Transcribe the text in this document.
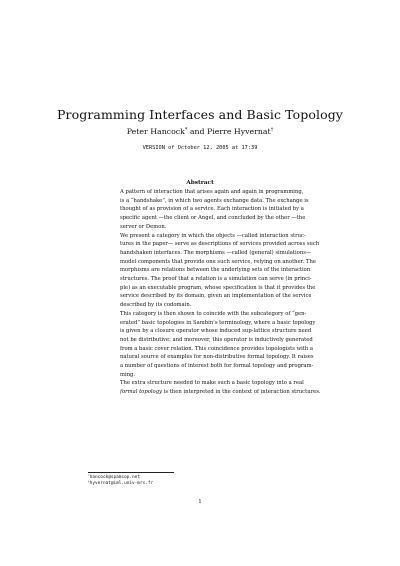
Programming Interfaces and Basic Topology
Peter Hancock* and Pierre Hyvernat†
VERSION of October 12, 2005 at 17:39
Abstract

A pattern of interaction that arises again and again in programming,
is a “handshake”, in which two agents exchange data. The exchange is
thought of as provision of a service. Each interaction is initiated by a
specific agent —the client or Angel, and concluded by the other —the
server or Demon.

We present a category in which the objects —called interaction struc-
tures in the paper— serve as descriptions of services provided across such
handshaken interfaces. The morphisms —called (general) simulations—
model components that provide one such service, relying on another. The
morphisms are relations between the underlying sets of the interaction
structures. The proof that a relation is a simulation can serve (in princi-
ple) as an executable program, whose specification is that it provides the
service described by its domain, given an implementation of the service
described by its codomain.

This category is then shown to coincide with the subcategory of “gen-
erated” basic topologies in Sambin’s terminology, where a basic topology
is given by a closure operator whose induced sup-lattice structure need
not be distributive; and moreover, this operator is inductively generated
from a basic cover relation. This coincidence provides topologists with a
natural source of examples for non-distributive formal topology. It raises
a number of questions of interest both for formal topology and program-
ming.

The extra structure needed to make such a basic topology into a real
formal topology is then interpreted in the context of interaction structures.

*hancock@spamcop.net
†hyvernat@iml.univ-mrs.fr
1
